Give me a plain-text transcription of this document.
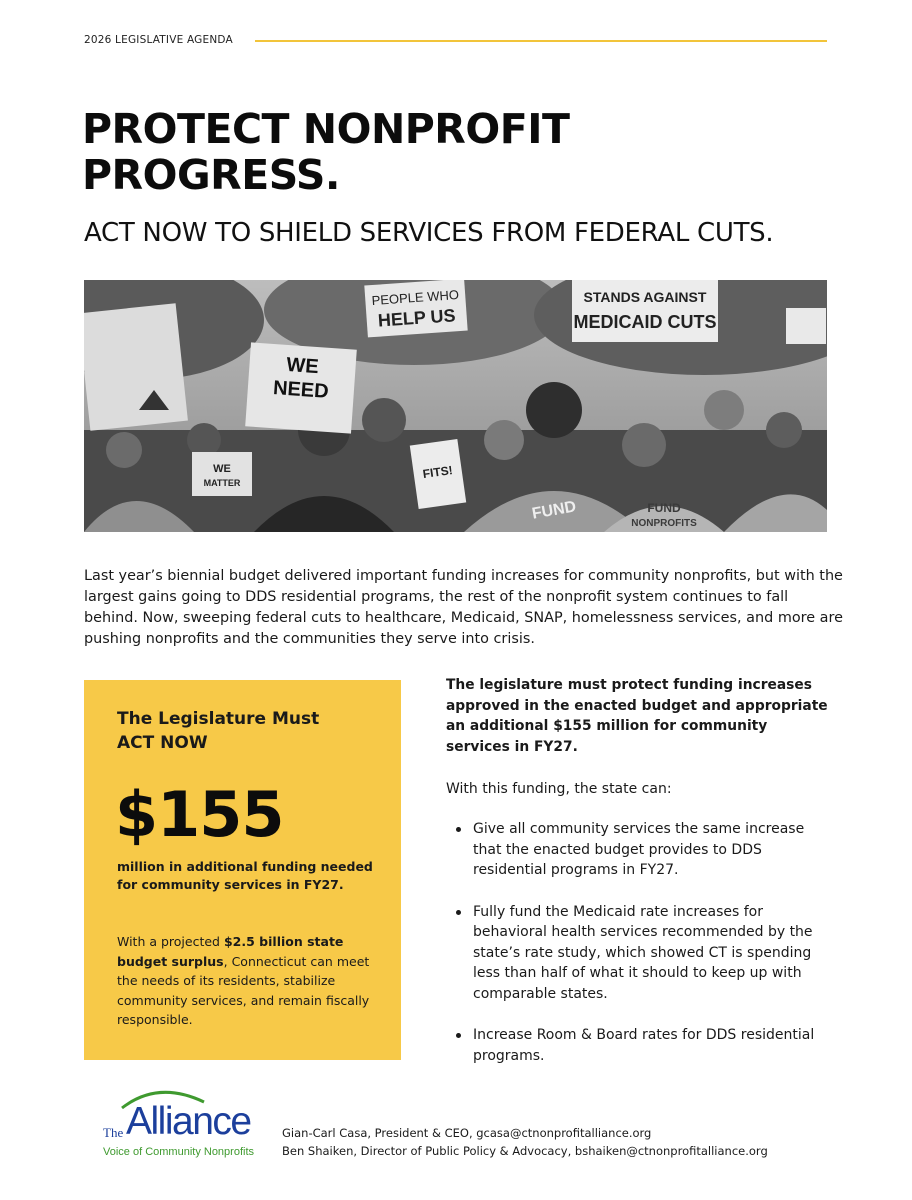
2026 LEGISLATIVE AGENDA
PROTECT NONPROFIT
PROGRESS.
ACT NOW TO SHIELD SERVICES FROM FEDERAL CUTS.
PEOPLE WHO
HELP US
STANDS AGAINST
MEDICAID CUTS
WE
NEED
WE
MATTER
FITS!
FUND	FUND
NONPROFITS

Last year’s biennial budget delivered important funding increases for community nonprofits, but with the largest gains going to DDS residential programs, the rest of the nonprofit system continues to fall behind. Now, sweeping federal cuts to healthcare, Medicaid, SNAP, homelessness services, and more are pushing nonprofits and the communities they serve into crisis.

The Legislature Must
ACT NOW
$155
million in additional funding needed for community services in FY27.
With a projected $2.5 billion state budget surplus, Connecticut can meet the needs of its residents, stabilize community services, and remain fiscally responsible.

The legislature must protect funding increases approved in the enacted budget and appropriate an additional $155 million for community services in FY27.

With this funding, the state can:

Give all community services the same increase that the enacted budget provides to DDS residential programs in FY27.
Fully fund the Medicaid rate increases for behavioral health services recommended by the state’s rate study, which showed CT is spending less than half of what it should to keep up with comparable states.
Increase Room & Board rates for DDS residential programs.
The Alliance
Voice of Community Nonprofits
Gian-Carl Casa, President & CEO, gcasa@ctnonprofitalliance.org
Ben Shaiken, Director of Public Policy & Advocacy, bshaiken@ctnonprofitalliance.org
